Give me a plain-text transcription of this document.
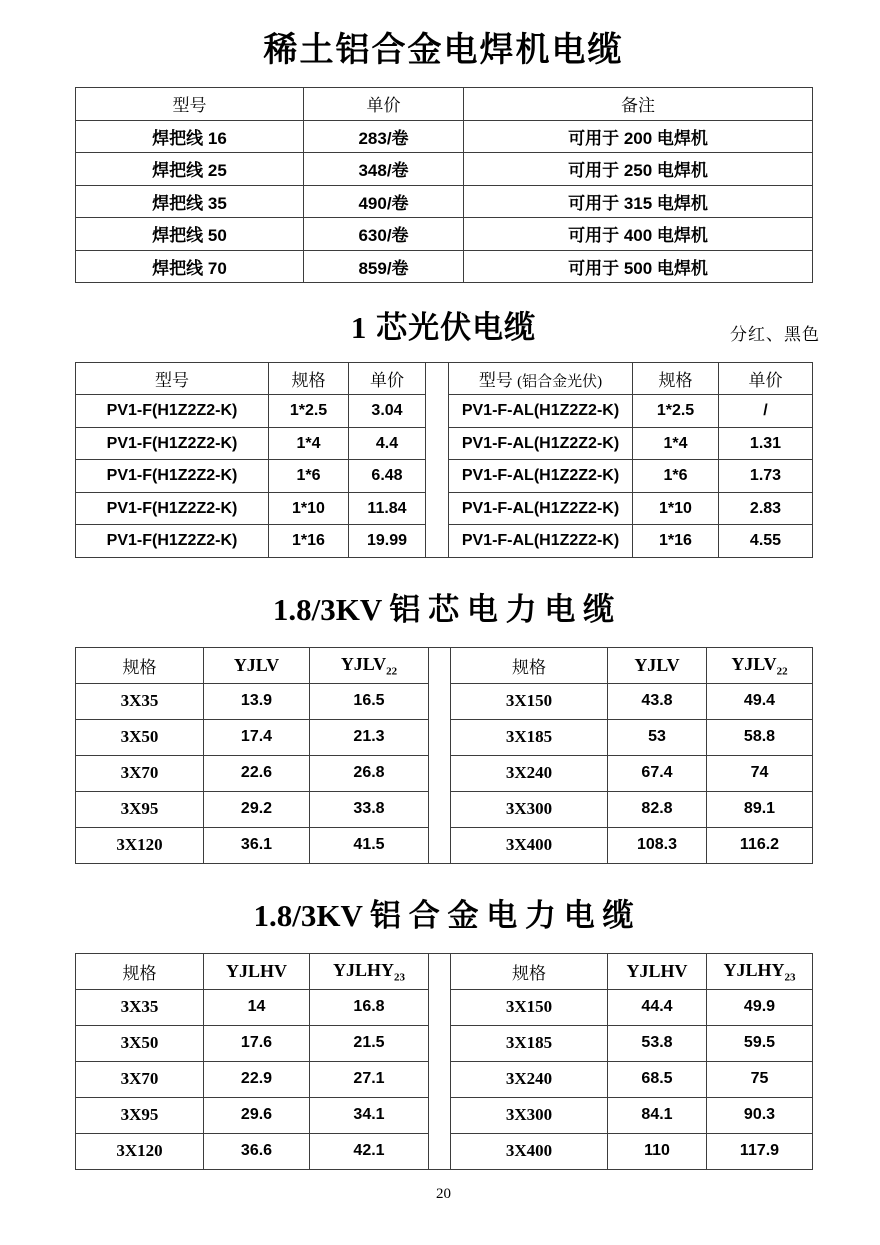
稀土铝合金电焊机电缆
型号	单价	备注
焊把线 16	283/卷	可用于 200 电焊机
焊把线 25	348/卷	可用于 250 电焊机
焊把线 35	490/卷	可用于 315 电焊机
焊把线 50	630/卷	可用于 400 电焊机
焊把线 70	859/卷	可用于 500 电焊机
1 芯光伏电缆	分红、黑色
型号	规格	单价		型号 (铝合金光伏)	规格	单价
PV1-F(H1Z2Z2-K)	1*2.5	3.04		PV1-F-AL(H1Z2Z2-K)	1*2.5	/
PV1-F(H1Z2Z2-K)	1*4	4.4		PV1-F-AL(H1Z2Z2-K)	1*4	1.31
PV1-F(H1Z2Z2-K)	1*6	6.48		PV1-F-AL(H1Z2Z2-K)	1*6	1.73
PV1-F(H1Z2Z2-K)	1*10	11.84		PV1-F-AL(H1Z2Z2-K)	1*10	2.83
PV1-F(H1Z2Z2-K)	1*16	19.99		PV1-F-AL(H1Z2Z2-K)	1*16	4.55
1.8/3KV 铝 芯 电 力 电 缆
规格	YJLV	$YJLV_{22}$		规格	YJLV	$YJLV_{22}$
3X35	13.9	16.5		3X150	43.8	49.4
3X50	17.4	21.3		3X185	53	58.8
3X70	22.6	26.8		3X240	67.4	74
3X95	29.2	33.8		3X300	82.8	89.1
3X120	36.1	41.5		3X400	108.3	116.2
1.8/3KV 铝 合 金 电 力 电 缆
规格	YJLHV	$YJLHY_{23}$		规格	YJLHV	$YJLHY_{23}$
3X35	14	16.8		3X150	44.4	49.9
3X50	17.6	21.5		3X185	53.8	59.5
3X70	22.9	27.1		3X240	68.5	75
3X95	29.6	34.1		3X300	84.1	90.3
3X120	36.6	42.1		3X400	110	117.9
20
